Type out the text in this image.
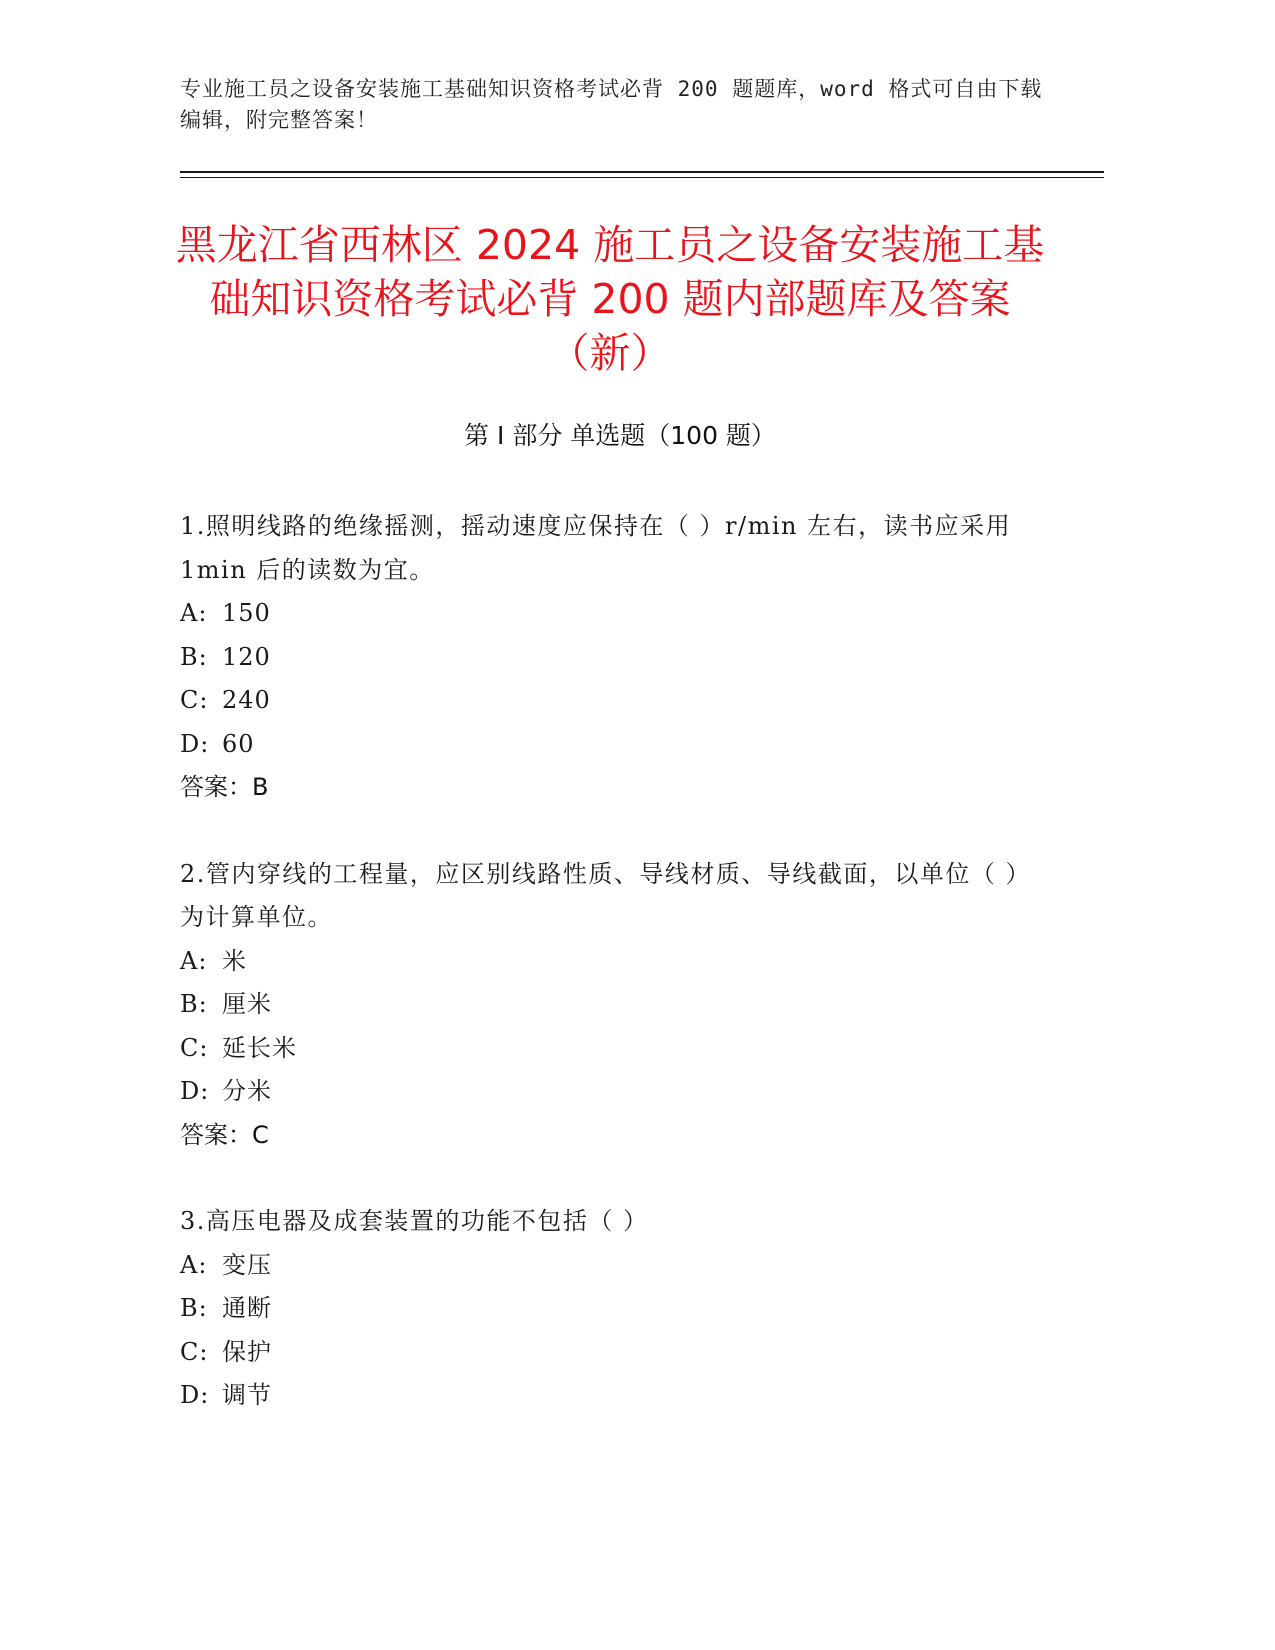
专业施工员之设备安装施工基础知识资格考试必背 200 题题库，word 格式可自由下载编辑，附完整答案！
黑龙江省西林区 2024 施工员之设备安装施工基础知识资格考试必背 200 题内部题库及答案（新）
第 I 部分 单选题（100 题）
1.照明线路的绝缘摇测，摇动速度应保持在（ ）r/min 左右，读书应采用 1min 后的读数为宜。
A: 150
B: 120
C: 240
D: 60
答案：B
2.管内穿线的工程量，应区别线路性质、导线材质、导线截面，以单位（ ）为计算单位。
A: 米
B: 厘米
C: 延长米
D: 分米
答案：C
3.高压电器及成套装置的功能不包括（ ）
A: 变压
B: 通断
C: 保护
D: 调节
